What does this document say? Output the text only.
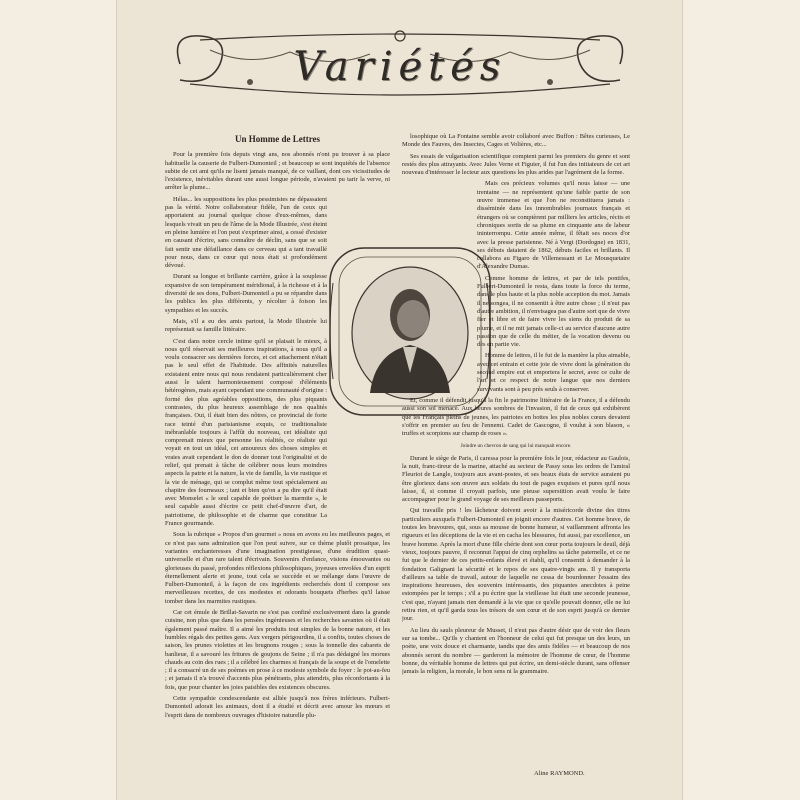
Variétés
Un Homme de Lettres

Pour la première fois depuis vingt ans, nos abonnés n'ont pu trouver à sa place habituelle la causerie de Fulbert-Dumonteil ; et beaucoup se sont inquiétés de l'absence subite de cet ami qu'ils ne lisent jamais manqué, de ce vaillant, dont ces vicissitudes de l'existence, inévitables durant une aussi longue période, n'avaient pu tarir la verve, ni arrêter la plume...

Hélas... les suppositions les plus pessimistes ne dépassaient pas la vérité. Notre collaborateur fidèle, l'un de ceux qui apportaient au journal quelque chose d'eux-mêmes, dans lesquels vivait un peu de l'âme de la Mode Illustrée, s'est éteint en pleine lumière et l'on peut s'exprimer ainsi, a cessé d'exister en causant d'écrire, sans connaître de déclin, sans que se soit fait sentir une défaillance dans ce cerveau qui a tant travaillé pour nous, dans ce cœur qui nous était si profondément dévoué.

Durant sa longue et brillante carrière, grâce à la souplesse expansive de son tempérament méridional, à la richesse et à la diversité de ses dons, Fulbert-Dumonteil a pu se répandre dans les publics les plus différents, y récolter à foison les sympathies et les succès.

Mais, s'il a eu des amis partout, la Mode Illustrée lui représentait sa famille littéraire.

C'est dans notre cercle intime qu'il se plaisait le mieux, à nous qu'il réservait ses meilleures inspirations, à nous qu'il a voulu consacrer ses dernières forces, et cet attachement n'était pas le seul effet de l'habitude. Des affinités naturelles existaient entre nous qui nous rendaient particulièrement cher aussi le talent harmonieusement composé d'éléments hétérogènes, mais ayant cependant une communauté d'origine : formé des plus agréables oppositions, des plus piquants contrastes, du plus heureux assemblage de nos qualités françaises. Oui, il était bien des nôtres, ce provincial de forte race teinté d'un parisianisme exquis, ce traditionaliste inébranlable toujours à l'affût du nouveau, cet idéaliste qui comprenait mieux que personne les réalités, ce réaliste qui voyait en tout un idéal, cet amoureux des choses simples et vraies avait cependant le don de donner tout l'originalité et de relief, qui prenait à tâche de célébrer nous leurs moindres aspects la patrie et la nature, la vie de famille, la vie rustique et la vie de ménage, qui se complut même tout spécialement au chapitre des fourneaux ; tant et bien qu'on a pu dire qu'il était avec Monselet « le seul capable de poétiser la marmite », le seul capable aussi d'écrire ce petit chef-d'œuvre d'art, de patriotisme, de philosophie et de charme que constitue La France gourmande.

Sous la rubrique « Propos d'un gourmet » nous en avons eu les meilleures pages, et ce n'est pas sans admiration que l'on peut suivre, sur ce thème plutôt prosaïque, les variantes enchanteresses d'une imagination prestigieuse, d'une érudition quasi-universelle et d'un rare talent d'écrivain. Souvenirs d'enfance, visions émouvantes ou glorieuses du passé, profondes réflexions philosophiques, joyeuses envolées d'un esprit éternellement alerte et jeune, tout cela se succède et se mélange dans l'œuvre de Fulbert-Dumonteil, à la façon de ces ingrédients recherchés dont il compose ses merveilleuses recettes, de ces modestes et odorants bouquets d'herbes qu'il laisse tomber dans les marmites rustiques.

Car cet émule de Brillat-Savarin ne s'est pas confiné exclusivement dans la grande cuisine, non plus que dans les pensées ingénieuses et les recherches savantes où il était également passé maître. Il a aimé les produits tout simples de la bonne nature, et les humbles régals des petites gens. Aux vergers périgourdins, il a confits, toutes choses de saison, les prunes violettes et les brugnons rouges ; sous la tonnelle des cabarets de banlieue, il a savouré les fritures de goujons de Seine ; il n'a pas dédaigné les morues chauds au coin des rues ; il a célébré les charmes si français de la soupe et de l'omelette ; il a consacré un de ses poèmes en prose à ce modeste symbole du foyer : le pot-au-feu ; et jamais il n'a trouvé d'accents plus pénétrants, plus attendris, plus réconfortants à la fois, que pour chanter les joies paisibles des existences obscures.

Cette sympathie condescendante est alliée jusqu'à nos frères inférieurs. Fulbert-Dumonteil adorait les animaux, dont il a étudié et décrit avec amour les mœurs et l'esprit dans de nombreux ouvrages d'histoire naturelle plu-

losophique où La Fontaine semble avoir collaboré avec Buffon : Bêtes curieuses, Le Monde des Fauves, des Insectes, Cages et Volières, etc...

Ses essais de vulgarisation scientifique comptent parmi les premiers du genre et sont restés des plus attrayants. Avec Jules Verne et Figuier, il fut l'un des initiateurs de cet art nouveau d'intéresser le lecteur aux questions les plus arides par l'agrément de la forme.

Mais ces précieux volumes qu'il nous laisse — une trentaine — ne représentent qu'une faible partie de son œuvre immense et que l'on ne reconstituera jamais : disséminée dans les innombrables journaux français et étrangers où se comptèrent par milliers les articles, récits et chroniques sortis de sa plume en cinquante ans de labeur ininterrompu. Cette année même, il fêtait ses noces d'or avec la presse parisienne. Né à Vergt (Dordogne) en 1831, ses débuts dataient de 1862, débuts faciles et brillants. Il collabora au Figaro de Villemessant et Le Mousquetaire d'Alexandre Dumas.

Comme homme de lettres, et par de tels pontifes, Fulbert-Dumonteil le resta, dans toute la force du terme, dans le plus haute et la plus noble acception du mot. Jamais il ne songea, il ne consentit à être autre chose ; il n'eut pas d'autre ambition, il n'envisagea pas d'autre sort que de vivre fier et libre et de faire vivre les siens du produit de sa plume, et il ne mit jamais celle-ci au service d'aucune autre passion que de celle du métier, de la vocation devenu ou dès en partie vie.

Homme de lettres, il le fut de la manière la plus aimable, avec cet entrain et cette joie de vivre dont la génération du second empire eut et emporterа le secret, avec ce culte de l'art et ce respect de notre langue que nos derniers survivants sont à peu près seuls à conserver.

Et, comme il défendit jusqu'à la fin le patrimoine littéraire de la France, il a défendu aussi son sol menacé. Aux heures sombres de l'invasion, il fut de ceux qui exhibèrent que les Français pleins de jeunes, les patriotes en bottes les plus nobles cœurs devaient s'offrir en premier au feu de l'ennemi. Cadet de Gascogne, il voulut à son blason, « truffes et scorpions sur champ de roses ».

Joindre un chevron de sang qui lui manquait encore.

Durant le siège de Paris, il caressa pour la première fois le jour, rédacteur au Gaulois, la nuit, franc-tireur de la marine, attaché au secteur de Passy sous les ordres de l'amiral Fleuriot de Langle, toujours aux avant-postes, et ses beaux états de service auraient pu être glorieux dans son œuvre aux soldats du tout de pages exquises et pures qu'il nous laisse, il, si comme il croyait parfois, une pieuse superstition avait voulu le faire accompagner pour le grand voyage de ses meilleurs passeports.

Qui travaille pris ! les lâcheteur doivent avoir à la miséricorde divine des titres particuliers auxquels Fulbert-Dumonteil en joignit encore d'autres. Cet homme brave, de toutes les bravoures, qui, sous sa mousse de bonne humeur, si vaillamment affronta les rigueurs et les déceptions de la vie et en cacha les blessures, fut aussi, par excellence, un brave homme. Après la mort d'une fille chérie dont son cœur porta toujours le deuil, déjà vieux, toujours pauvre, il reconnut l'appui de cinq orphelins sa tâche paternelle, et ce ne fut que le dernier de ces petits-enfants élevé et établi, qu'il consentit à demander à la fondation Galignani la sécurité et le repos de ses quatre-vingts ans. Il y transporta d'ailleurs sa table de travail, autour de laquelle ne cessa de bourdonner l'essaim des inspirations heureuses, des souvenirs intéressants, des piquantes anecdotes à peine estompées par le temps ; s'il a pu écrire que la vieillesse lui était une seconde jeunesse, c'est que, n'ayant jamais rien demandé à la vie que ce qu'elle pouvait donner, elle ne lui retira rien, et qu'il garda tous les trésors de son cœur et de son esprit jusqu'à ce dernier jour.

Au lieu du sauls pleureur de Musset, il n'eut pas d'autre désir que de voir des fleurs sur sa tombe... Qu'ils y chantent en l'honneur de celui qui fut presque un des leurs, un poète, une voix douce et charmante, tandis que des amis fidèles — et beaucoup de nos abonnés seront du nombre — garderont la mémoire de l'homme de cœur, de l'homme bonne, du véritable homme de lettres qui put écrire, un demi-siècle durant, sans offenser jamais la religion, la morale, le bon sens ni la grammaire.

Aline RAYMOND.
